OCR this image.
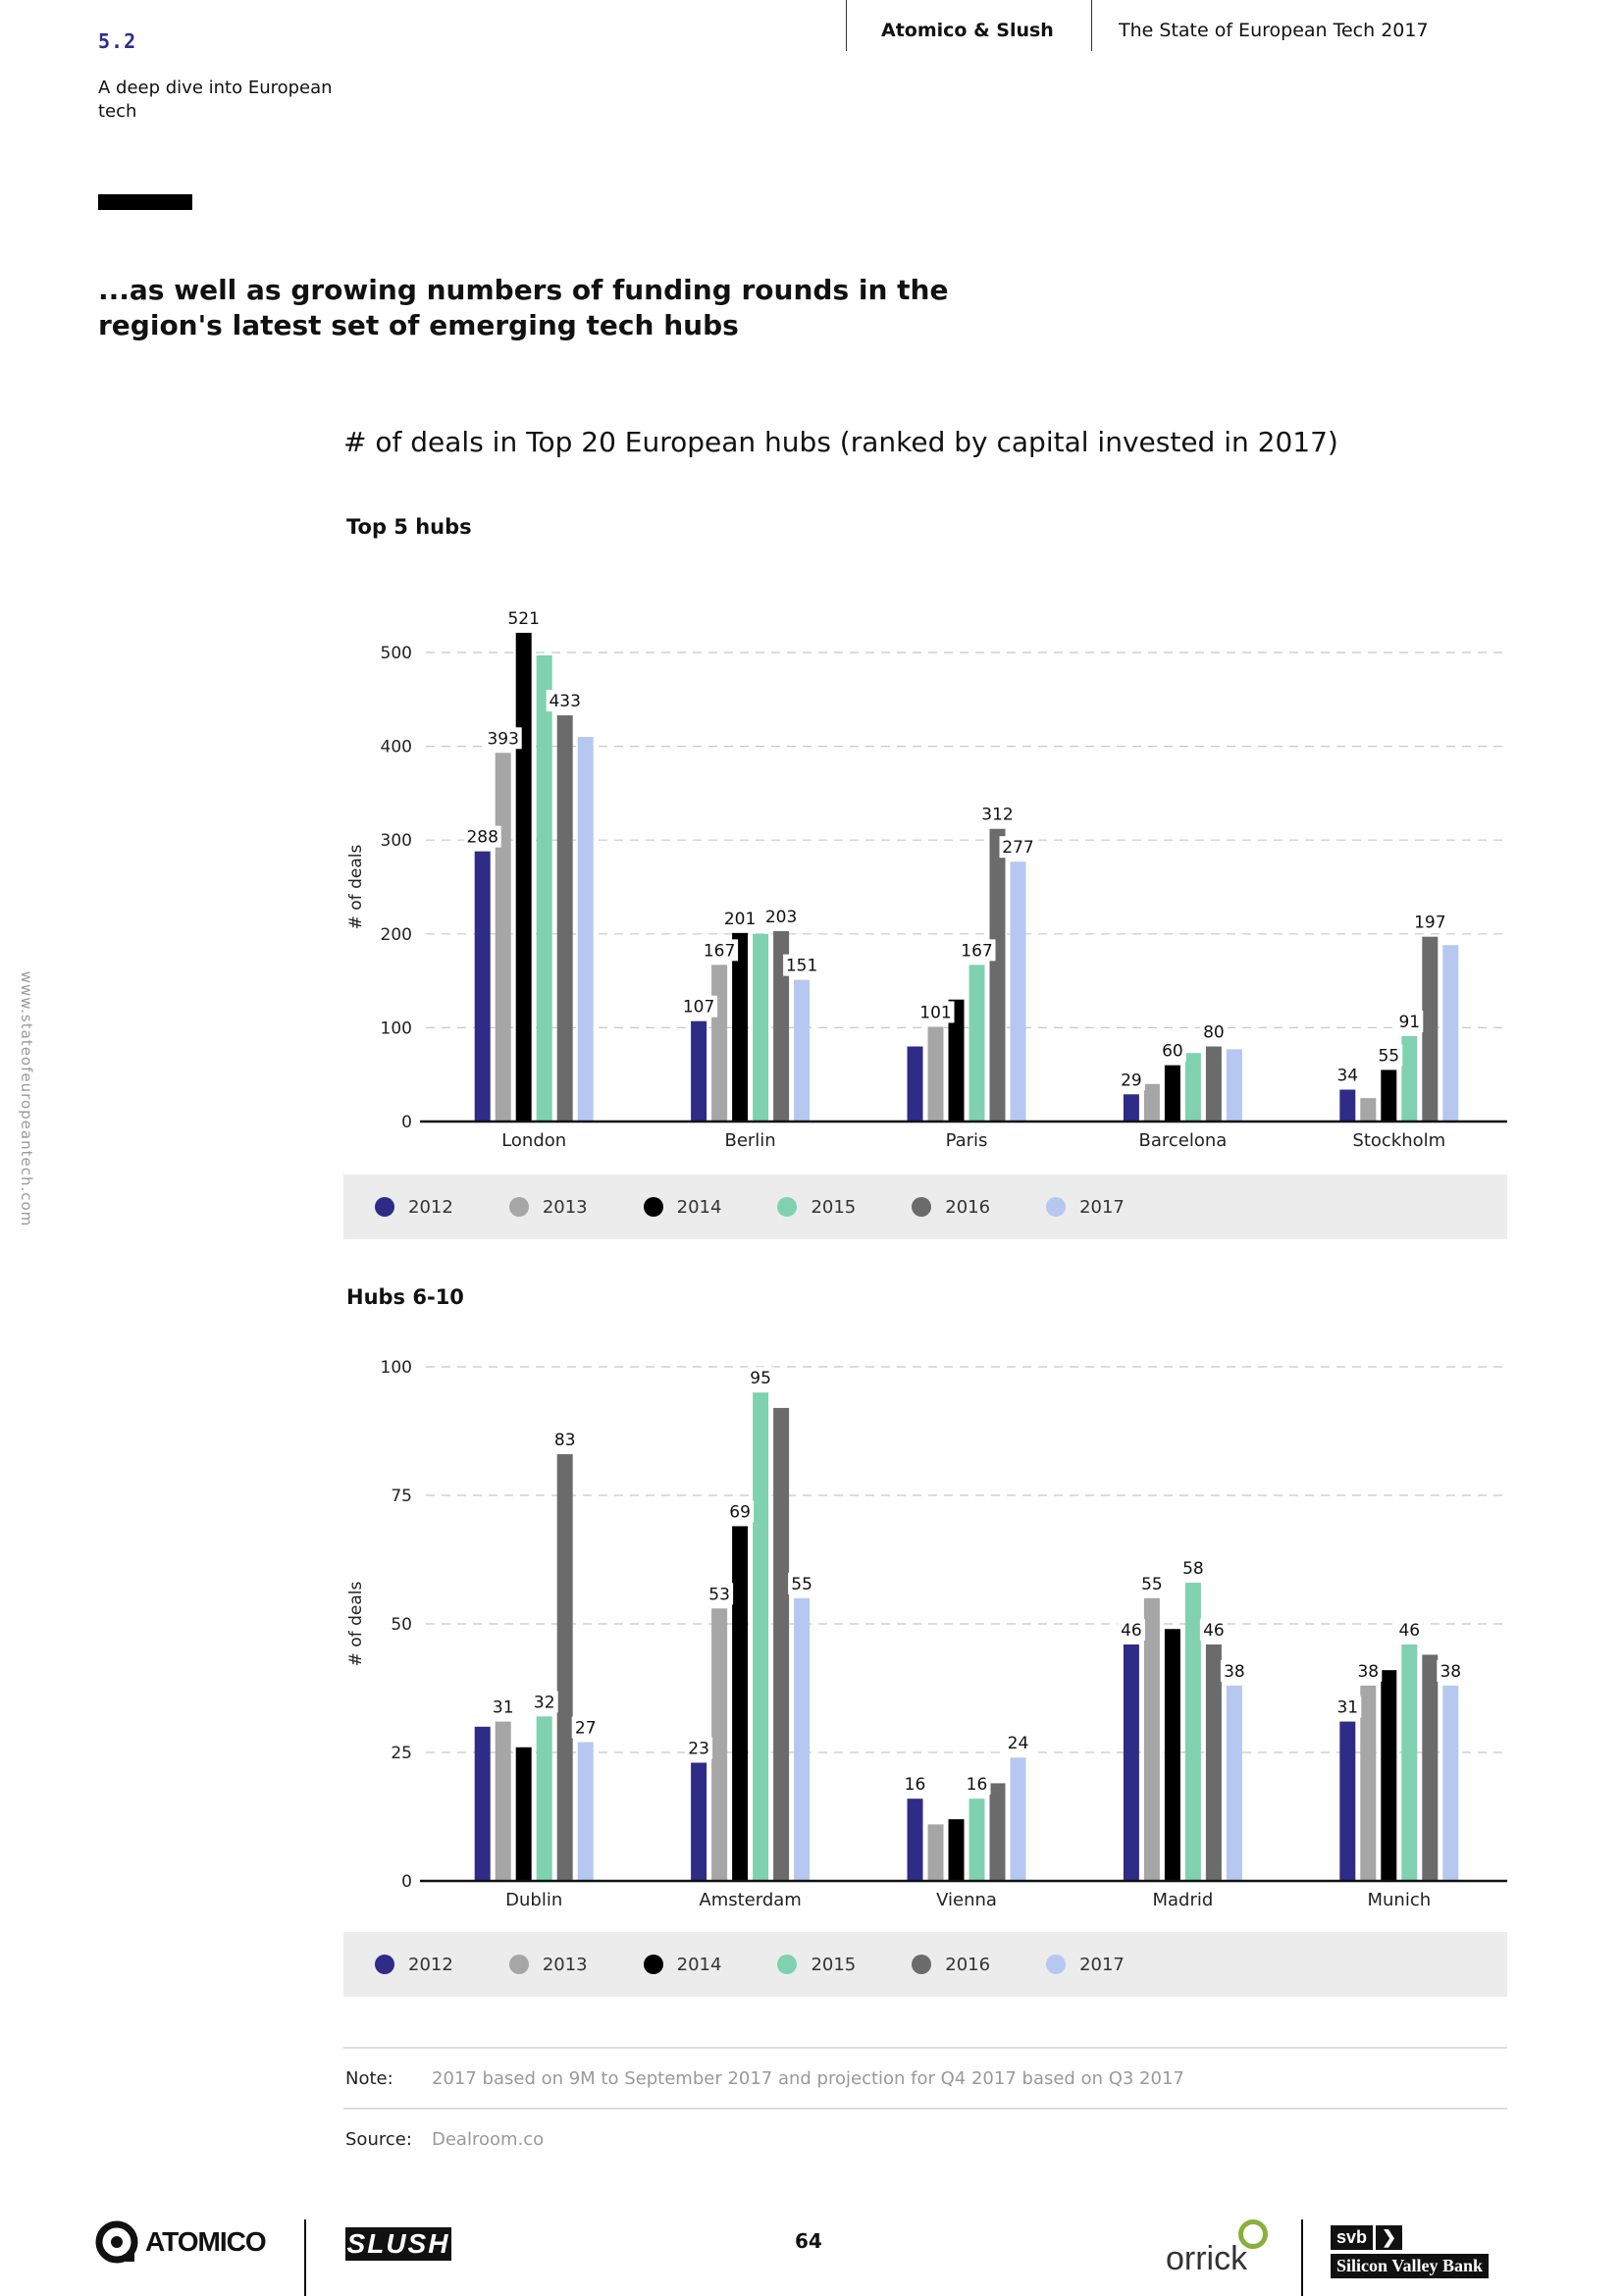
5.2
A deep dive into European tech
Atomico & Slush	The State of European Tech 2017
...as well as growing numbers of funding rounds in the region's latest set of emerging tech hubs
www.stateofeuropeantech.com
# of deals in Top 20 European hubs (ranked by capital invested in 2017)
Top 5 hubs
0
100
200
300
400
500
# of deals
London	Berlin	Paris	Barcelona	Stockholm
288
393
521
433
107
167
201 203
151
101
167
312
277
29
60
80
34
55
91
197
2012	2013	2014	2015	2016	2017
Hubs 6-10
0
25
50
75
100
# of deals
Dublin	Amsterdam	Vienna	Madrid	Munich
31 32
83
27
23
53
69
95
55
16 16
24
46
55
58
46
38
31
38
46
38
2012	2013	2014	2015	2016	2017
Note: 2017 based on 9M to September 2017 and projection for Q4 2017 based on Q3 2017
Source: Dealroom.co
ATOMICO	SLUSH	64	orrick
svb ❯
Silicon Valley Bank
